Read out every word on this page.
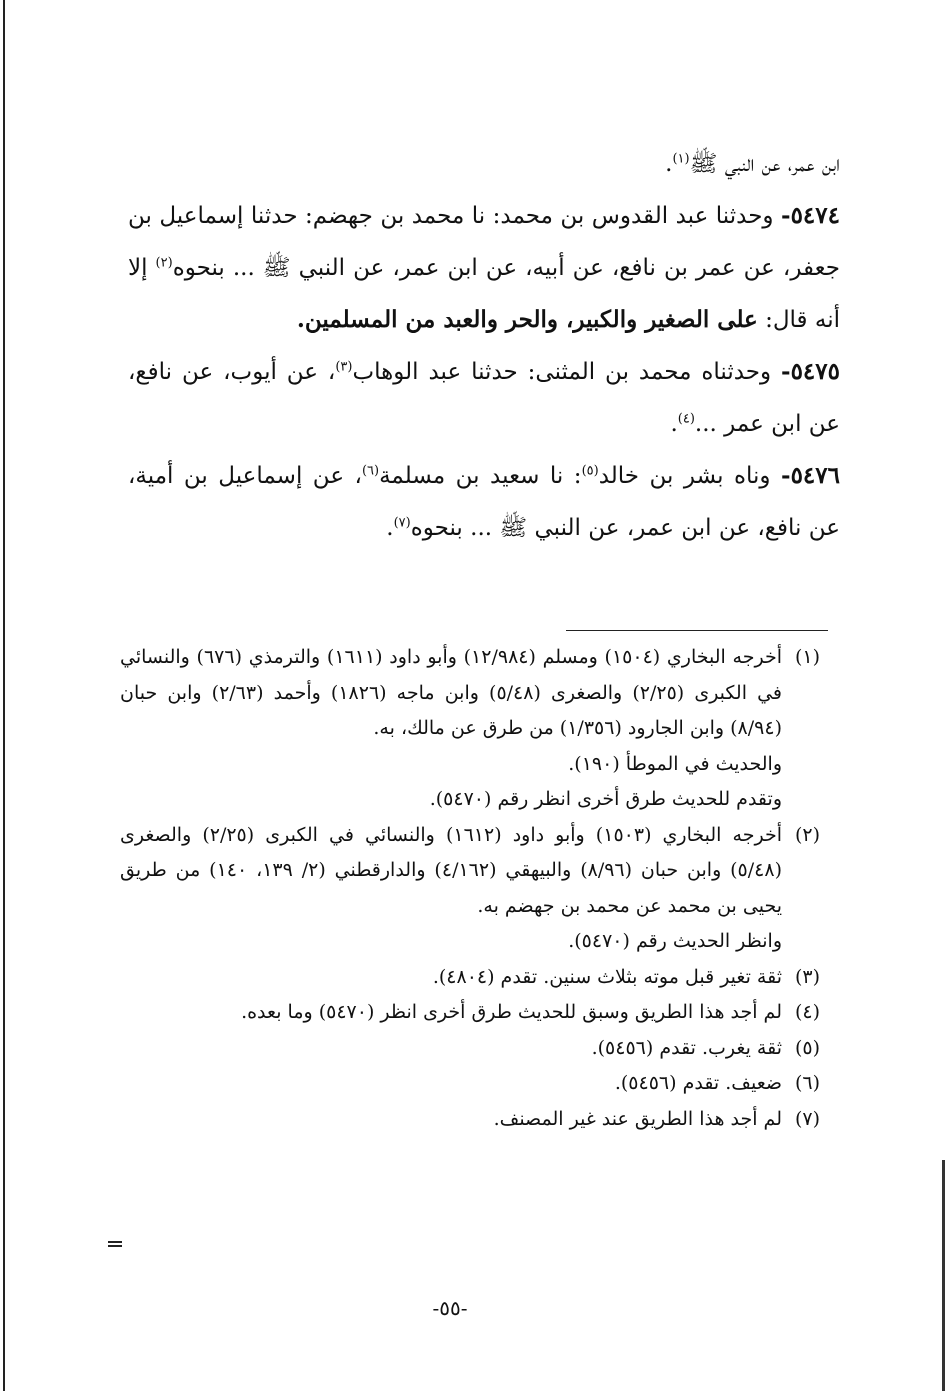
ابن عمر، عن النبي ﷺ$^{(١)}$.

٥٤٧٤- وحدثنا عبد القدوس بن محمد: نا محمد بن جهضم: حدثنا إسماعيل بن جعفر، عن عمر بن نافع، عن أبيه، عن ابن عمر، عن النبي ﷺ ... بنحوه$^{(٢)}$ إلا أنه قال: على الصغير والكبير، والحر والعبد من المسلمين.

٥٤٧٥- وحدثناه محمد بن المثنى: حدثنا عبد الوهاب$^{(٣)}$، عن أيوب، عن نافع، عن ابن عمر ...$^{(٤)}$.

٥٤٧٦- وناه بشر بن خالد$^{(٥)}$: نا سعيد بن مسلمة$^{(٦)}$، عن إسماعيل بن أمية، عن نافع، عن ابن عمر، عن النبي ﷺ ... بنحوه$^{(٧)}$.

(١)

أخرجه البخاري (١٥٠٤) ومسلم (١٢/٩٨٤) وأبو داود (١٦١١) والترمذي (٦٧٦) والنسائي في الكبرى (٢/٢٥) والصغرى (٥/٤٨) وابن ماجه (١٨٢٦) وأحمد (٢/٦٣) وابن حبان (٨/٩٤) وابن الجارود (١/٣٥٦) من طرق عن مالك، به.

والحديث في الموطأ (١٩٠).

وتقدم للحديث طرق أخرى انظر رقم (٥٤٧٠).

(٢)

أخرجه البخاري (١٥٠٣) وأبو داود (١٦١٢) والنسائي في الكبرى (٢/٢٥) والصغرى (٥/٤٨) وابن حبان (٨/٩٦) والبيهقي (٤/١٦٢) والدارقطني (٢/ ١٣٩، ١٤٠) من طريق يحيى بن محمد عن محمد بن جهضم به.

وانظر الحديث رقم (٥٤٧٠).

(٣)

ثقة تغير قبل موته بثلاث سنين. تقدم (٤٨٠٤).

(٤)

لم أجد هذا الطريق وسبق للحديث طرق أخرى انظر (٥٤٧٠) وما بعده.

(٥)

ثقة يغرب. تقدم (٥٤٥٦).

(٦)

ضعيف. تقدم (٥٤٥٦).

(٧)

لم أجد هذا الطريق عند غير المصنف.

-٥٥-
